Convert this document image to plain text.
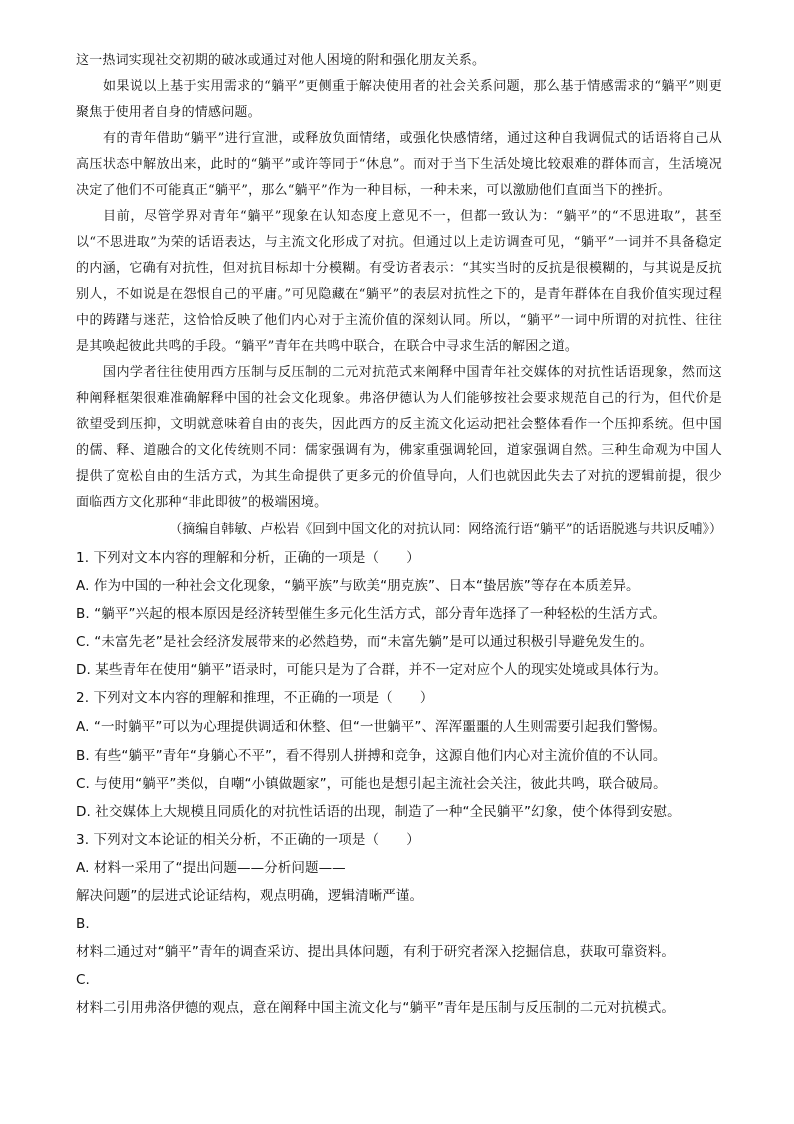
这一热词实现社交初期的破冰或通过对他人困境的附和强化朋友关系。

如果说以上基于实用需求的“躺平”更侧重于解决使用者的社会关系问题，那么基于情感需求的“躺平”则更聚焦于使用者自身的情感问题。

有的青年借助“躺平”进行宣泄，或释放负面情绪，或强化快感情绪，通过这种自我调侃式的话语将自己从高压状态中解放出来，此时的“躺平”或许等同于“休息”。而对于当下生活处境比较艰难的群体而言，生活境况决定了他们不可能真正“躺平”，那么“躺平”作为一种目标，一种未来，可以激励他们直面当下的挫折。

目前，尽管学界对青年“躺平”现象在认知态度上意见不一，但都一致认为：“躺平”的“不思进取”，甚至以“不思进取”为荣的话语表达，与主流文化形成了对抗。但通过以上走访调查可见，“躺平”一词并不具备稳定的内涵，它确有对抗性，但对抗目标却十分模糊。有受访者表示：“其实当时的反抗是很模糊的，与其说是反抗别人，不如说是在怨恨自己的平庸。”可见隐藏在“躺平”的表层对抗性之下的，是青年群体在自我价值实现过程中的踌躇与迷茫，这恰恰反映了他们内心对于主流价值的深刻认同。所以，“躺平”一词中所谓的对抗性、往往是其唤起彼此共鸣的手段。“躺平”青年在共鸣中联合，在联合中寻求生活的解困之道。

国内学者往往使用西方压制与反压制的二元对抗范式来阐释中国青年社交媒体的对抗性话语现象，然而这种阐释框架很难准确解释中国的社会文化现象。弗洛伊德认为人们能够按社会要求规范自己的行为，但代价是欲望受到压抑，文明就意味着自由的丧失，因此西方的反主流文化运动把社会整体看作一个压抑系统。但中国的儒、释、道融合的文化传统则不同：儒家强调有为，佛家重强调轮回，道家强调自然。三种生命观为中国人提供了宽松自由的生活方式，为其生命提供了更多元的价值导向，人们也就因此失去了对抗的逻辑前提，很少面临西方文化那种“非此即彼”的极端困境。

（摘编自韩敏、卢松岩《回到中国文化的对抗认同：网络流行语“躺平”的话语脱逃与共识反哺》）

1. 下列对文本内容的理解和分析，正确的一项是（　　）

A. 作为中国的一种社会文化现象，“躺平族”与欧美“朋克族”、日本“蛰居族”等存在本质差异。

B. “躺平”兴起的根本原因是经济转型催生多元化生活方式，部分青年选择了一种轻松的生活方式。

C. “未富先老”是社会经济发展带来的必然趋势，而“未富先躺”是可以通过积极引导避免发生的。

D. 某些青年在使用“躺平”语录时，可能只是为了合群，并不一定对应个人的现实处境或具体行为。

2. 下列对文本内容的理解和推理，不正确的一项是（　　）

A. “一时躺平”可以为心理提供调适和休整、但“一世躺平”、浑浑噩噩的人生则需要引起我们警惕。

B. 有些“躺平”青年“身躺心不平”，看不得别人拼搏和竞争，这源自他们内心对主流价值的不认同。

C. 与使用“躺平”类似，自嘲“小镇做题家”，可能也是想引起主流社会关注，彼此共鸣，联合破局。

D. 社交媒体上大规模且同质化的对抗性话语的出现，制造了一种“全民躺平”幻象，使个体得到安慰。

3. 下列对文本论证的相关分析，不正确的一项是（　　）

A. 材料一采用了“提出问题——分析问题——

解决问题”的层进式论证结构，观点明确，逻辑清晰严谨。

B.

材料二通过对“躺平”青年的调查采访、提出具体问题，有利于研究者深入挖掘信息，获取可靠资料。

C.

材料二引用弗洛伊德的观点，意在阐释中国主流文化与“躺平”青年是压制与反压制的二元对抗模式。
